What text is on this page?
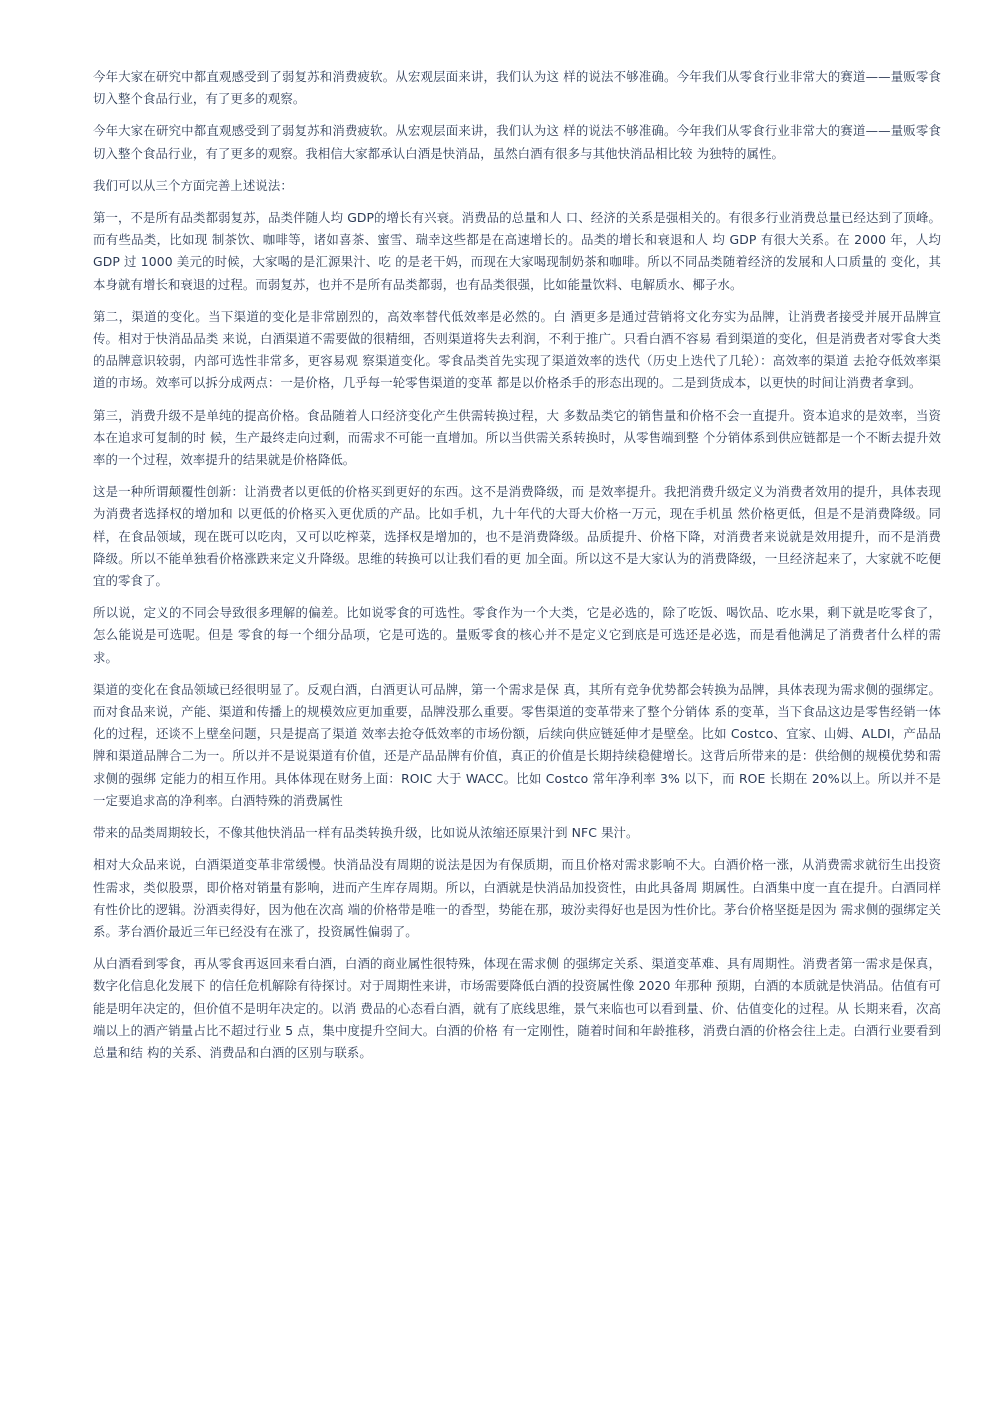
今年大家在研究中都直观感受到了弱复苏和消费疲软。从宏观层面来讲，我们认为这 样的说法不够准确。今年我们从零食行业非常大的赛道——量贩零食切入整个食品行业，有了更多的观察。

今年大家在研究中都直观感受到了弱复苏和消费疲软。从宏观层面来讲，我们认为这 样的说法不够准确。今年我们从零食行业非常大的赛道——量贩零食切入整个食品行业，有了更多的观察。我相信大家都承认白酒是快消品，虽然白酒有很多与其他快消品相比较 为独特的属性。

我们可以从三个方面完善上述说法：

第一，不是所有品类都弱复苏，品类伴随人均 GDP的增长有兴衰。消费品的总量和人 口、经济的关系是强相关的。有很多行业消费总量已经达到了顶峰。而有些品类，比如现 制茶饮、咖啡等，诸如喜茶、蜜雪、瑞幸这些都是在高速增长的。品类的增长和衰退和人 均 GDP 有很大关系。在 2000 年，人均 GDP 过 1000 美元的时候，大家喝的是汇源果汁、吃 的是老干妈，而现在大家喝现制奶茶和咖啡。所以不同品类随着经济的发展和人口质量的 变化，其本身就有增长和衰退的过程。而弱复苏，也并不是所有品类都弱，也有品类很强，比如能量饮料、电解质水、椰子水。

第二，渠道的变化。当下渠道的变化是非常剧烈的，高效率替代低效率是必然的。白 酒更多是通过营销将文化夯实为品牌，让消费者接受并展开品牌宣传。相对于快消品品类 来说，白酒渠道不需要做的很精细，否则渠道将失去利润，不利于推广。只看白酒不容易 看到渠道的变化，但是消费者对零食大类的品牌意识较弱，内部可选性非常多，更容易观 察渠道变化。零食品类首先实现了渠道效率的迭代（历史上迭代了几轮）：高效率的渠道 去抢夺低效率渠道的市场。效率可以拆分成两点：一是价格，几乎每一轮零售渠道的变革 都是以价格杀手的形态出现的。二是到货成本，以更快的时间让消费者拿到。

第三，消费升级不是单纯的提高价格。食品随着人口经济变化产生供需转换过程，大 多数品类它的销售量和价格不会一直提升。资本追求的是效率，当资本在追求可复制的时 候，生产最终走向过剩，而需求不可能一直增加。所以当供需关系转换时，从零售端到整 个分销体系到供应链都是一个不断去提升效率的一个过程，效率提升的结果就是价格降低。

这是一种所谓颠覆性创新：让消费者以更低的价格买到更好的东西。这不是消费降级，而 是效率提升。我把消费升级定义为消费者效用的提升，具体表现为消费者选择权的增加和 以更低的价格买入更优质的产品。比如手机，九十年代的大哥大价格一万元，现在手机虽 然价格更低，但是不是消费降级。同样，在食品领域，现在既可以吃肉，又可以吃榨菜，选择权是增加的，也不是消费降级。品质提升、价格下降，对消费者来说就是效用提升，而不是消费降级。所以不能单独看价格涨跌来定义升降级。思维的转换可以让我们看的更 加全面。所以这不是大家认为的消费降级，一旦经济起来了，大家就不吃便宜的零食了。

所以说，定义的不同会导致很多理解的偏差。比如说零食的可选性。零食作为一个大类，它是必选的，除了吃饭、喝饮品、吃水果，剩下就是吃零食了，怎么能说是可选呢。但是 零食的每一个细分品项，它是可选的。量贩零食的核心并不是定义它到底是可选还是必选，而是看他满足了消费者什么样的需求。

渠道的变化在食品领域已经很明显了。反观白酒，白酒更认可品牌，第一个需求是保 真，其所有竞争优势都会转换为品牌，具体表现为需求侧的强绑定。而对食品来说，产能、渠道和传播上的规模效应更加重要，品牌没那么重要。零售渠道的变革带来了整个分销体 系的变革，当下食品这边是零售经销一体化的过程，还谈不上壁垒问题，只是提高了渠道 效率去抢夺低效率的市场份额，后续向供应链延伸才是壁垒。比如 Costco、宜家、山姆、ALDI，产品品牌和渠道品牌合二为一。所以并不是说渠道有价值，还是产品品牌有价值，真正的价值是长期持续稳健增长。这背后所带来的是：供给侧的规模优势和需求侧的强绑 定能力的相互作用。具体体现在财务上面：ROIC 大于 WACC。比如 Costco 常年净利率 3% 以下，而 ROE 长期在 20%以上。所以并不是一定要追求高的净利率。白酒特殊的消费属性

带来的品类周期较长，不像其他快消品一样有品类转换升级，比如说从浓缩还原果汁到 NFC 果汁。

相对大众品来说，白酒渠道变革非常缓慢。快消品没有周期的说法是因为有保质期，而且价格对需求影响不大。白酒价格一涨，从消费需求就衍生出投资性需求，类似股票，即价格对销量有影响，进而产生库存周期。所以，白酒就是快消品加投资性，由此具备周 期属性。白酒集中度一直在提升。白酒同样有性价比的逻辑。汾酒卖得好，因为他在次高 端的价格带是唯一的香型，势能在那，玻汾卖得好也是因为性价比。茅台价格坚挺是因为 需求侧的强绑定关系。茅台酒价最近三年已经没有在涨了，投资属性偏弱了。

从白酒看到零食，再从零食再返回来看白酒，白酒的商业属性很特殊，体现在需求侧 的强绑定关系、渠道变革难、具有周期性。消费者第一需求是保真，数字化信息化发展下 的信任危机解除有待探讨。对于周期性来讲，市场需要降低白酒的投资属性像 2020 年那种 预期，白酒的本质就是快消品。估值有可能是明年决定的，但价值不是明年决定的。以消 费品的心态看白酒，就有了底线思维，景气来临也可以看到量、价、估值变化的过程。从 长期来看，次高端以上的酒产销量占比不超过行业 5 点，集中度提升空间大。白酒的价格 有一定刚性，随着时间和年龄推移，消费白酒的价格会往上走。白酒行业要看到总量和结 构的关系、消费品和白酒的区别与联系。
